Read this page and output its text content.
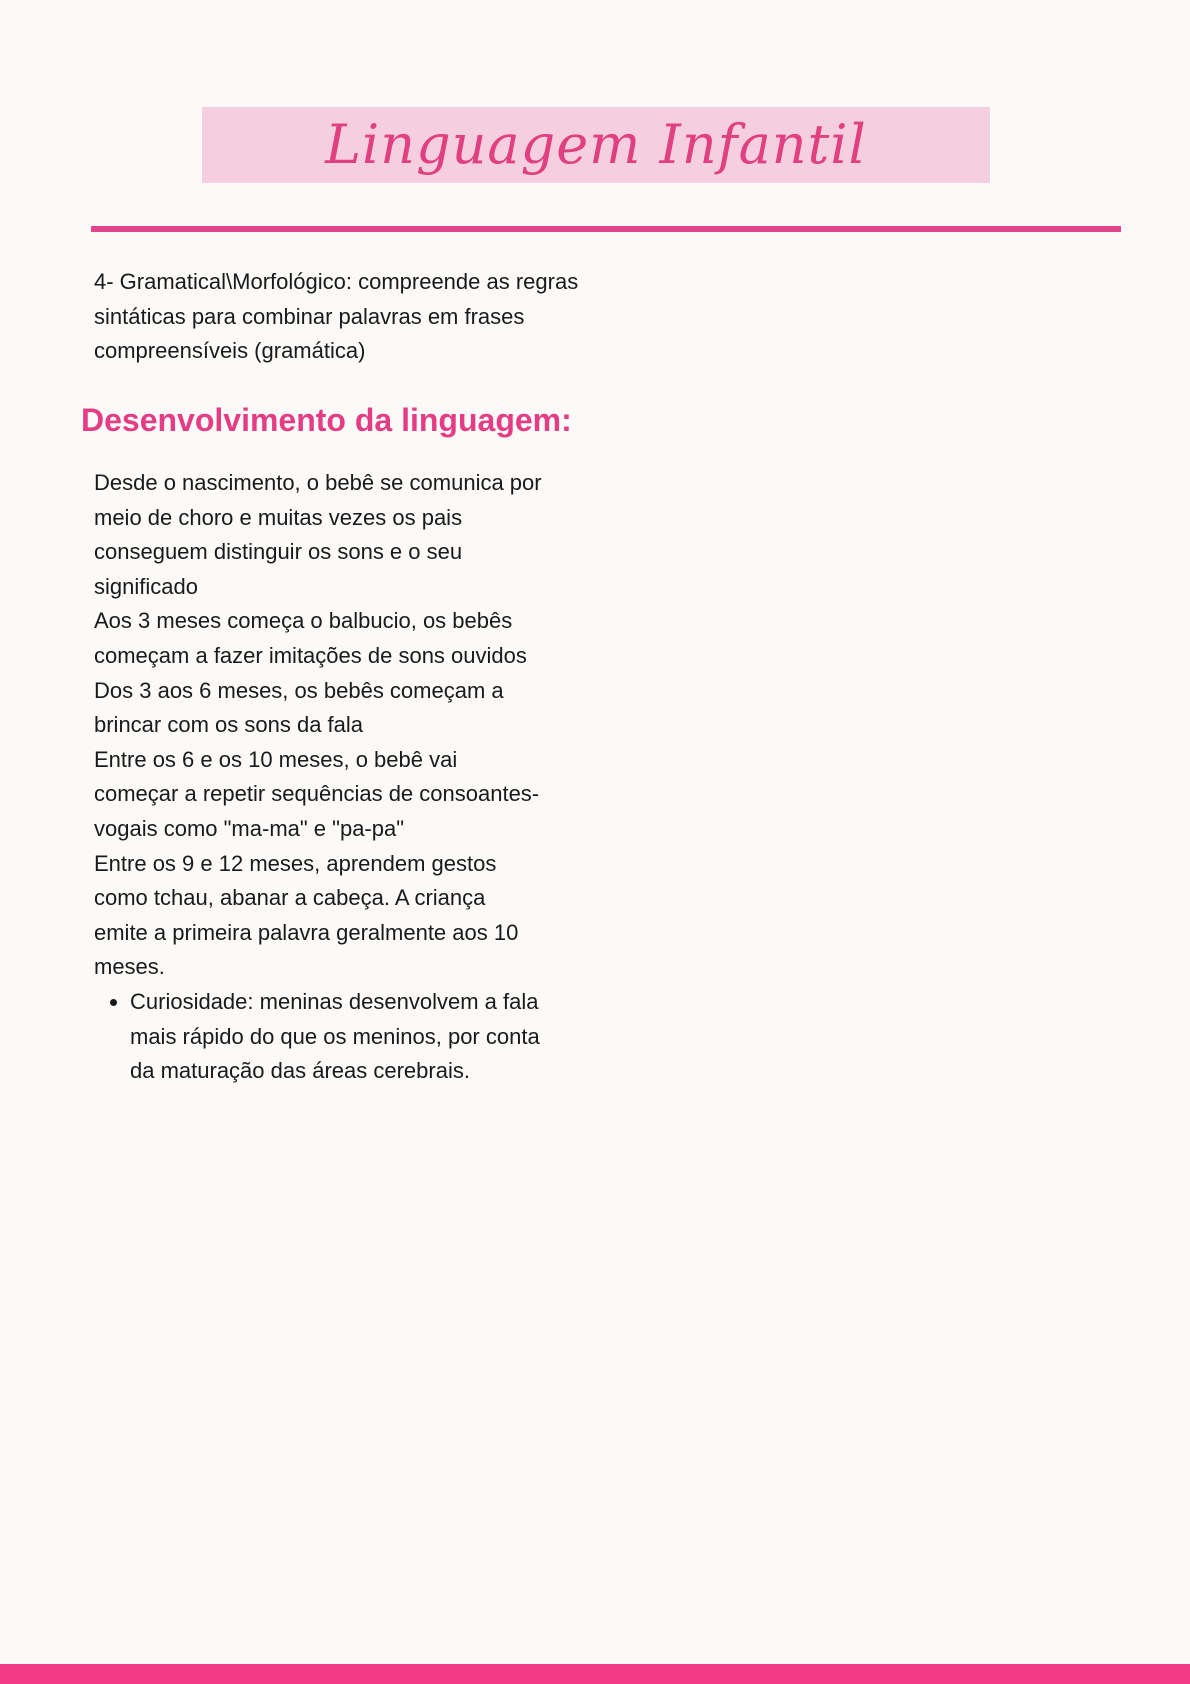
Linguagem Infantil

4- Gramatical\Morfológico: compreende as regras sintáticas para combinar palavras em frases compreensíveis (gramática)

Desenvolvimento da linguagem:

Desde o nascimento, o bebê se comunica por meio de choro e muitas vezes os pais conseguem distinguir os sons e o seu significado

Aos 3 meses começa o balbucio, os bebês começam a fazer imitações de sons ouvidos

Dos 3 aos 6 meses, os bebês começam a brincar com os sons da fala

Entre os 6 e os 10 meses, o bebê vai começar a repetir sequências de consoantes-vogais como "ma-ma" e "pa-pa"

Entre os 9 e 12 meses, aprendem gestos como tchau, abanar a cabeça. A criança emite a primeira palavra geralmente aos 10 meses.

• Curiosidade: meninas desenvolvem a fala mais rápido do que os meninos, por conta da maturação das áreas cerebrais.
